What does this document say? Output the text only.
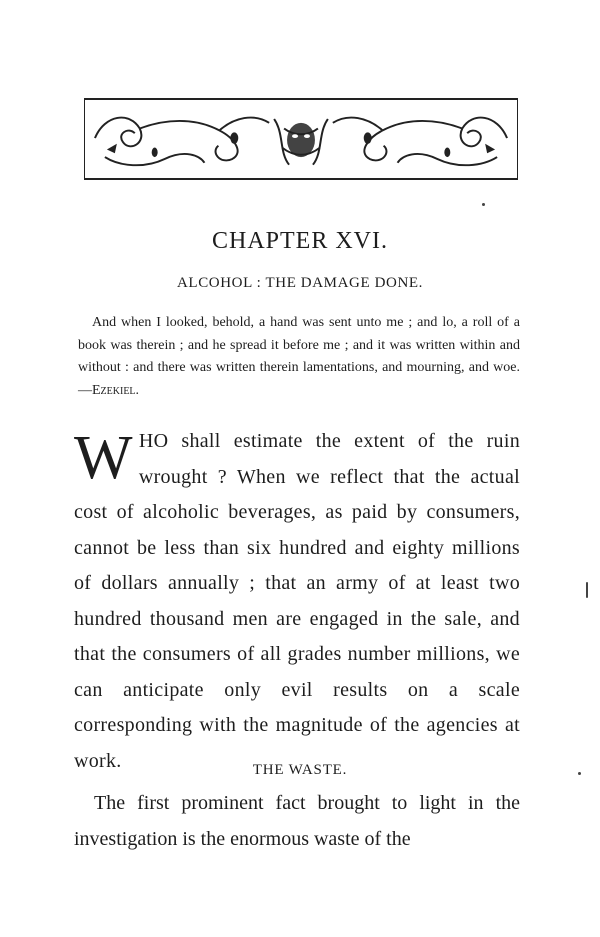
CHAPTER XVI.
ALCOHOL : THE DAMAGE DONE.

And when I looked, behold, a hand was sent unto me ; and lo, a roll of a book was therein ; and he spread it before me ; and it was written within and without : and there was written therein lamentations, and mourning, and woe.—Ezekiel.

WHO shall estimate the extent of the ruin wrought ? When we reflect that the actual cost of alcoholic beverages, as paid by consumers, cannot be less than six hundred and eighty millions of dollars annually ; that an army of at least two hundred thousand men are engaged in the sale, and that the consumers of all grades number millions, we can anticipate only evil results on a scale corresponding with the magnitude of the agencies at work.	THE WASTE.

The first prominent fact brought to light in the investigation is the enormous waste of the
